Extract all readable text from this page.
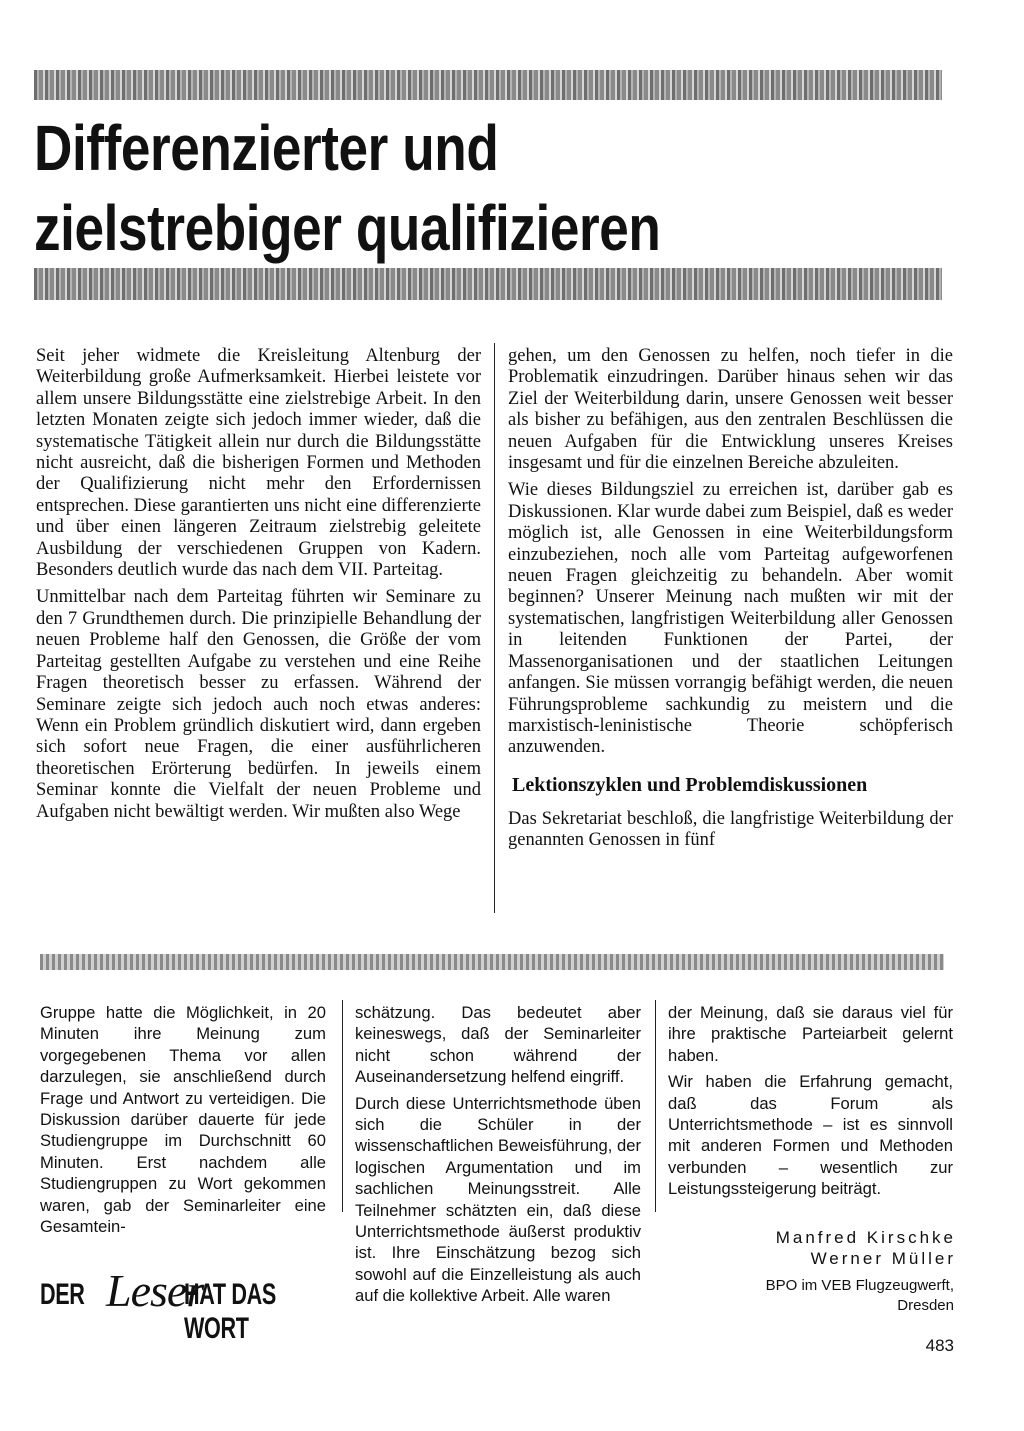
Differenzierter und
zielstrebiger qualifizieren

Seit jeher widmete die Kreisleitung Altenburg der Weiterbildung große Aufmerksamkeit. Hierbei leistete vor allem unsere Bildungsstätte eine zielstrebige Arbeit. In den letzten Monaten zeigte sich jedoch immer wieder, daß die systematische Tätigkeit allein nur durch die Bildungsstätte nicht ausreicht, daß die bisherigen Formen und Methoden der Qualifizierung nicht mehr den Erfordernissen entsprechen. Diese garantierten uns nicht eine differenzierte und über einen längeren Zeitraum zielstrebig geleitete Ausbildung der verschiedenen Gruppen von Kadern. Besonders deutlich wurde das nach dem VII. Parteitag.

Unmittelbar nach dem Parteitag führten wir Seminare zu den 7 Grundthemen durch. Die prinzipielle Behandlung der neuen Probleme half den Genossen, die Größe der vom Parteitag gestellten Aufgabe zu verstehen und eine Reihe Fragen theoretisch besser zu erfassen. Während der Seminare zeigte sich jedoch auch noch etwas anderes: Wenn ein Problem gründlich diskutiert wird, dann ergeben sich sofort neue Fragen, die einer ausführlicheren theoretischen Erörterung bedürfen. In jeweils einem Seminar konnte die Vielfalt der neuen Probleme und Aufgaben nicht bewältigt werden. Wir mußten also Wege

gehen, um den Genossen zu helfen, noch tiefer in die Problematik einzudringen. Darüber hinaus sehen wir das Ziel der Weiterbildung darin, unsere Genossen weit besser als bisher zu befähigen, aus den zentralen Beschlüssen die neuen Aufgaben für die Entwicklung unseres Kreises insgesamt und für die einzelnen Bereiche abzuleiten.

Wie dieses Bildungsziel zu erreichen ist, darüber gab es Diskussionen. Klar wurde dabei zum Beispiel, daß es weder möglich ist, alle Genossen in eine Weiterbildungsform einzubeziehen, noch alle vom Parteitag aufgeworfenen neuen Fragen gleichzeitig zu behandeln. Aber womit beginnen? Unserer Meinung nach mußten wir mit der systematischen, langfristigen Weiterbildung aller Genossen in leitenden Funktionen der Partei, der Massenorganisationen und der staatlichen Leitungen anfangen. Sie müssen vorrangig befähigt werden, die neuen Führungsprobleme sachkundig zu meistern und die marxistisch-leninistische Theorie schöpferisch anzuwenden.

Lektionszyklen und Problemdiskussionen

Das Sekretariat beschloß, die langfristige Weiterbildung der genannten Genossen in fünf

Gruppe hatte die Möglichkeit, in 20 Minuten ihre Meinung zum vorgegebenen Thema vor allen darzulegen, sie anschließend durch Frage und Antwort zu verteidigen. Die Diskussion darüber dauerte für jede Studiengruppe im Durchschnitt 60 Minuten. Erst nachdem alle Studiengruppen zu Wort gekommen waren, gab der Seminarleiter eine Gesamtein-

schätzung. Das bedeutet aber keineswegs, daß der Seminarleiter nicht schon während der Auseinandersetzung helfend eingriff.

Durch diese Unterrichtsmethode üben sich die Schüler in der wissenschaftlichen Beweisführung, der logischen Argumentation und im sachlichen Meinungsstreit. Alle Teilnehmer schätzten ein, daß diese Unterrichtsmethode äußerst produktiv ist. Ihre Einschätzung bezog sich sowohl auf die Einzelleistung als auch auf die kollektive Arbeit. Alle waren

der Meinung, daß sie daraus viel für ihre praktische Parteiarbeit gelernt haben.

Wir haben die Erfahrung gemacht, daß das Forum als Unterrichtsmethode – ist es sinnvoll mit anderen Formen und Methoden verbunden – wesentlich zur Leistungssteigerung beiträgt.

DER Leser
HAT DAS WORT

Manfred Kirschke

Werner Müller

BPO im VEB Flugzeugwerft,

Dresden

483
